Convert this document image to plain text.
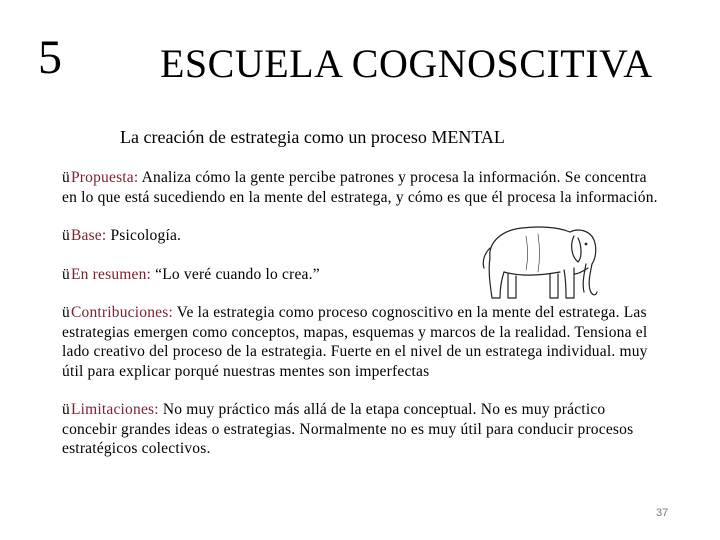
5 ESCUELA COGNOSCITIVA
La creación de estrategia como un proceso MENTAL

üPropuesta: Analiza cómo la gente percibe patrones y procesa la información. Se concentra en lo que está sucediendo en la mente del estratega, y cómo es que él procesa la información.

üBase: Psicología.

üEn resumen: “Lo veré cuando lo crea.”

üContribuciones: Ve la estrategia como proceso cognoscitivo en la mente del estratega. Las estrategias emergen como conceptos, mapas, esquemas y marcos de la realidad. Tensiona el lado creativo del proceso de la estrategia. Fuerte en el nivel de un estratega individual. muy útil para explicar porqué nuestras mentes son imperfectas

üLimitaciones: No muy práctico más allá de la etapa conceptual. No es muy práctico concebir grandes ideas o estrategias. Normalmente no es muy útil para conducir procesos estratégicos colectivos.

37
